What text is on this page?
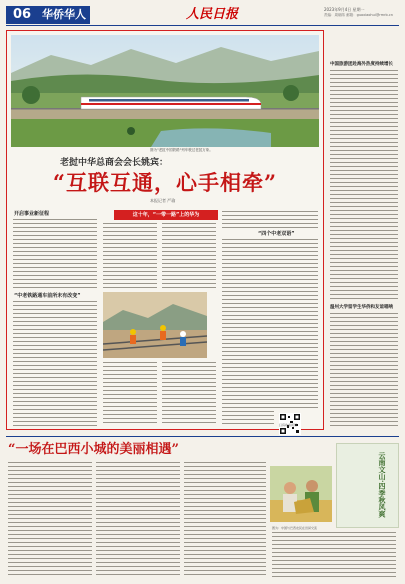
06 华侨华人	人民日报	2023年9月4日 星期一
责编：周朝纬 邮箱：guoxiaohui@rmrb.cn
图为"老挝中国铁路"列车驶过老挝万象。
老挝中华总商会会长姚宾：
“互联互通，心手相牵”
本报记者 严瑜
开启事业新征程
“中老铁路通车前所未有改变”
这十年，“一带一路”上的华为
“四个中老双语”
扫码收看视频
中国旅游团赴海外热度持续增长
温州大学留学生华侨和友谊唱响
“一场在巴西小城的美丽相遇”
云南文山·四季秋风爽
图为：中国与巴西农民在田间交流
